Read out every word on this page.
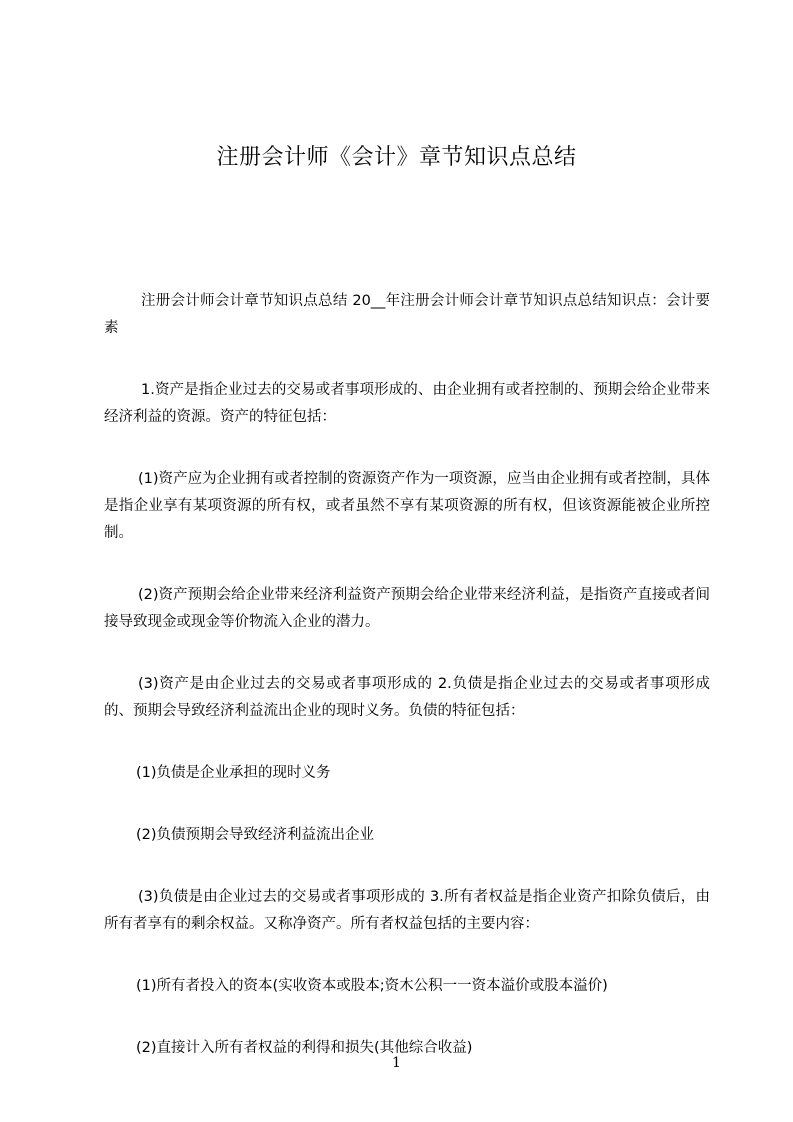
注册会计师《会计》章节知识点总结

注册会计师会计章节知识点总结 20__年注册会计师会计章节知识点总结知识点：会计要素

1.资产是指企业过去的交易或者事项形成的、由企业拥有或者控制的、预期会给企业带来经济利益的资源。资产的特征包括：

(1)资产应为企业拥有或者控制的资源资产作为一项资源，应当由企业拥有或者控制，具体是指企业享有某项资源的所有权，或者虽然不享有某项资源的所有权，但该资源能被企业所控制。

(2)资产预期会给企业带来经济利益资产预期会给企业带来经济利益，是指资产直接或者间接导致现金或现金等价物流入企业的潜力。

(3)资产是由企业过去的交易或者事项形成的 2.负债是指企业过去的交易或者事项形成的、预期会导致经济利益流出企业的现时义务。负债的特征包括：

(1)负债是企业承担的现时义务

(2)负债预期会导致经济利益流出企业

(3)负债是由企业过去的交易或者事项形成的 3.所有者权益是指企业资产扣除负债后，由所有者享有的剩余权益。又称净资产。所有者权益包括的主要内容：

(1)所有者投入的资本(实收资本或股本;资木公积一一资本溢价或股本溢价)

(2)直接计入所有者权益的利得和损失(其他综合收益)

1
